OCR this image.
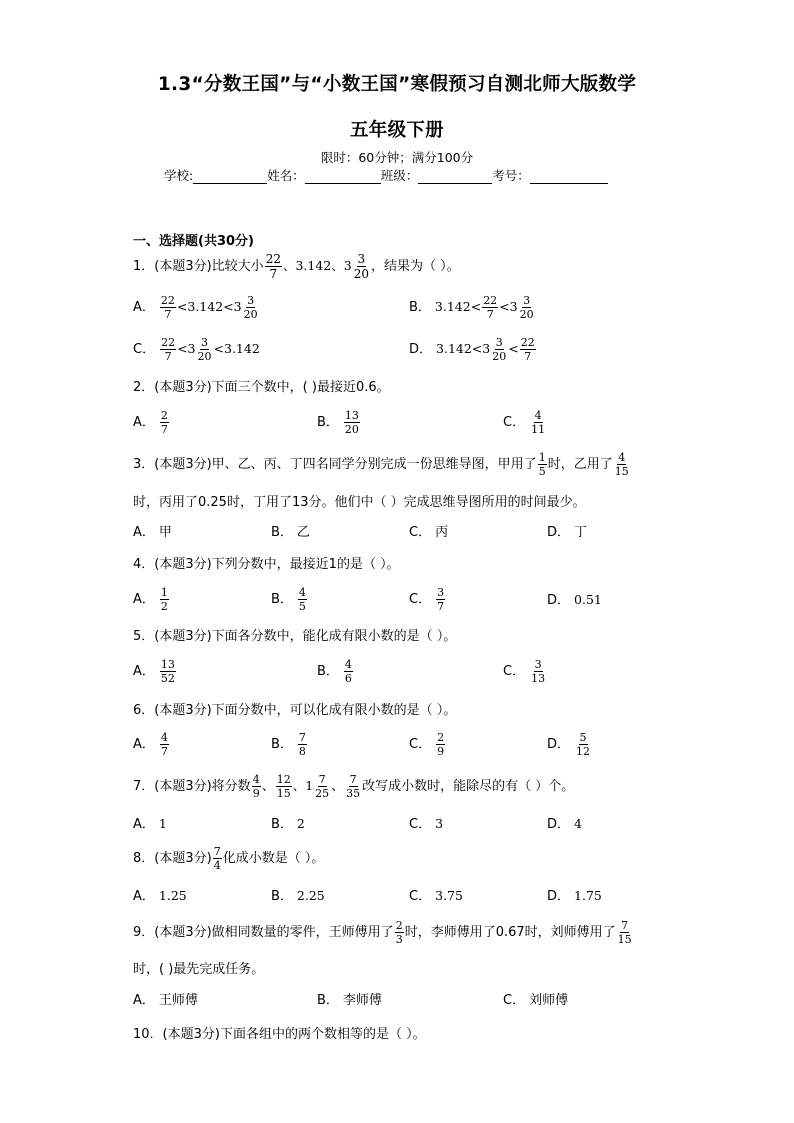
1.3“分数王国”与“小数王国”寒假预习自测北师大版数学
五年级下册
限时：60分钟；满分100分
学校:	姓名：	班级：	考号：
一、选择题(共30分)
1．(本题3分)比较大小 $\frac{22}{7}$ 、3.142、$3 \frac{3}{20}$ ，结果为（ ）。
A． $\frac{22}{7} <3.142<3 \frac{3}{20}$	B． $3.142< \frac{22}{7} <3 \frac{3}{20}$
C． $\frac{22}{7} <3 \frac{3}{20} <3.142$	D． $3.142<3 \frac{3}{20} < \frac{22}{7}$
2．(本题3分)下面三个数中，( )最接近0.6。
A． $\frac{2}{7}$	B． $\frac{13}{20}$	C． $\frac{4}{11}$
3．(本题3分)甲、乙、丙、丁四名同学分别完成一份思维导图，甲用了 $\frac{1}{5}$ 时，乙用了 $\frac{4}{15}$
时，丙用了0.25时，丁用了13分。他们中（ ）完成思维导图所用的时间最少。
A． 甲	B． 乙	C． 丙	D． 丁
4．(本题3分)下列分数中，最接近1的是（ ）。
A． $\frac{1}{2}$	B． $\frac{4}{5}$	C． $\frac{3}{7}$	D． 0.51
5．(本题3分)下面各分数中，能化成有限小数的是（ ）。
A． $\frac{13}{52}$	B． $\frac{4}{6}$	C． $\frac{3}{13}$
6．(本题3分)下面分数中，可以化成有限小数的是（ ）。
A． $\frac{4}{7}$	B． $\frac{7}{8}$	C． $\frac{2}{9}$	D． $\frac{5}{12}$
7．(本题3分)将分数 $\frac{4}{9}$ 、 $\frac{12}{15}$ 、$1 \frac{7}{25}$ 、 $\frac{7}{35}$ 改写成小数时，能除尽的有（ ）个。
A． 1	B． 2	C． 3	D． 4
8．(本题3分) $\frac{7}{4}$ 化成小数是（ ）。
A． 1.25	B． 2.25	C． 3.75	D． 1.75
9．(本题3分)做相同数量的零件，王师傅用了 $\frac{2}{3}$ 时，李师傅用了0.67时，刘师傅用了 $\frac{7}{15}$
时，( )最先完成任务。
A． 王师傅	B． 李师傅	C． 刘师傅
10．(本题3分)下面各组中的两个数相等的是（ ）。
